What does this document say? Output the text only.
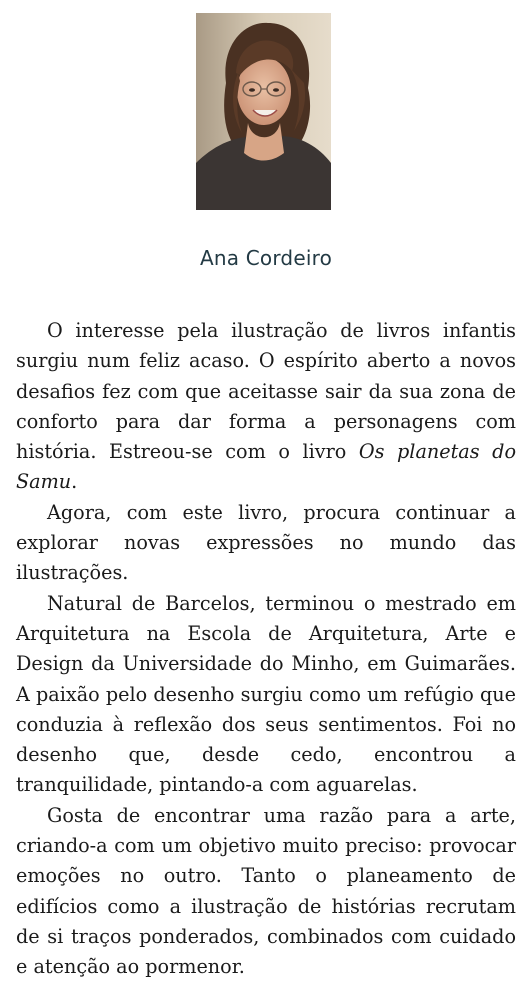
Ana Cordeiro

O interesse pela ilustração de livros infantis surgiu num feliz acaso. O espírito aberto a novos desafios fez com que aceitasse sair da sua zona de conforto para dar forma a personagens com história. Estreou-se com o livro Os planetas do Samu.

Agora, com este livro, procura continuar a explorar novas expressões no mundo das ilustrações.

Natural de Barcelos, terminou o mestrado em Arquitetura na Escola de Arquitetura, Arte e Design da Universidade do Minho, em Guimarães. A paixão pelo desenho surgiu como um refúgio que conduzia à reflexão dos seus sentimentos. Foi no desenho que, desde cedo, encontrou a tranquilidade, pintando-a com aguarelas.

Gosta de encontrar uma razão para a arte, criando-a com um objetivo muito preciso: provocar emoções no outro. Tanto o planeamento de edifícios como a ilustração de histórias recrutam de si traços ponderados, combinados com cuidado e atenção ao pormenor.
